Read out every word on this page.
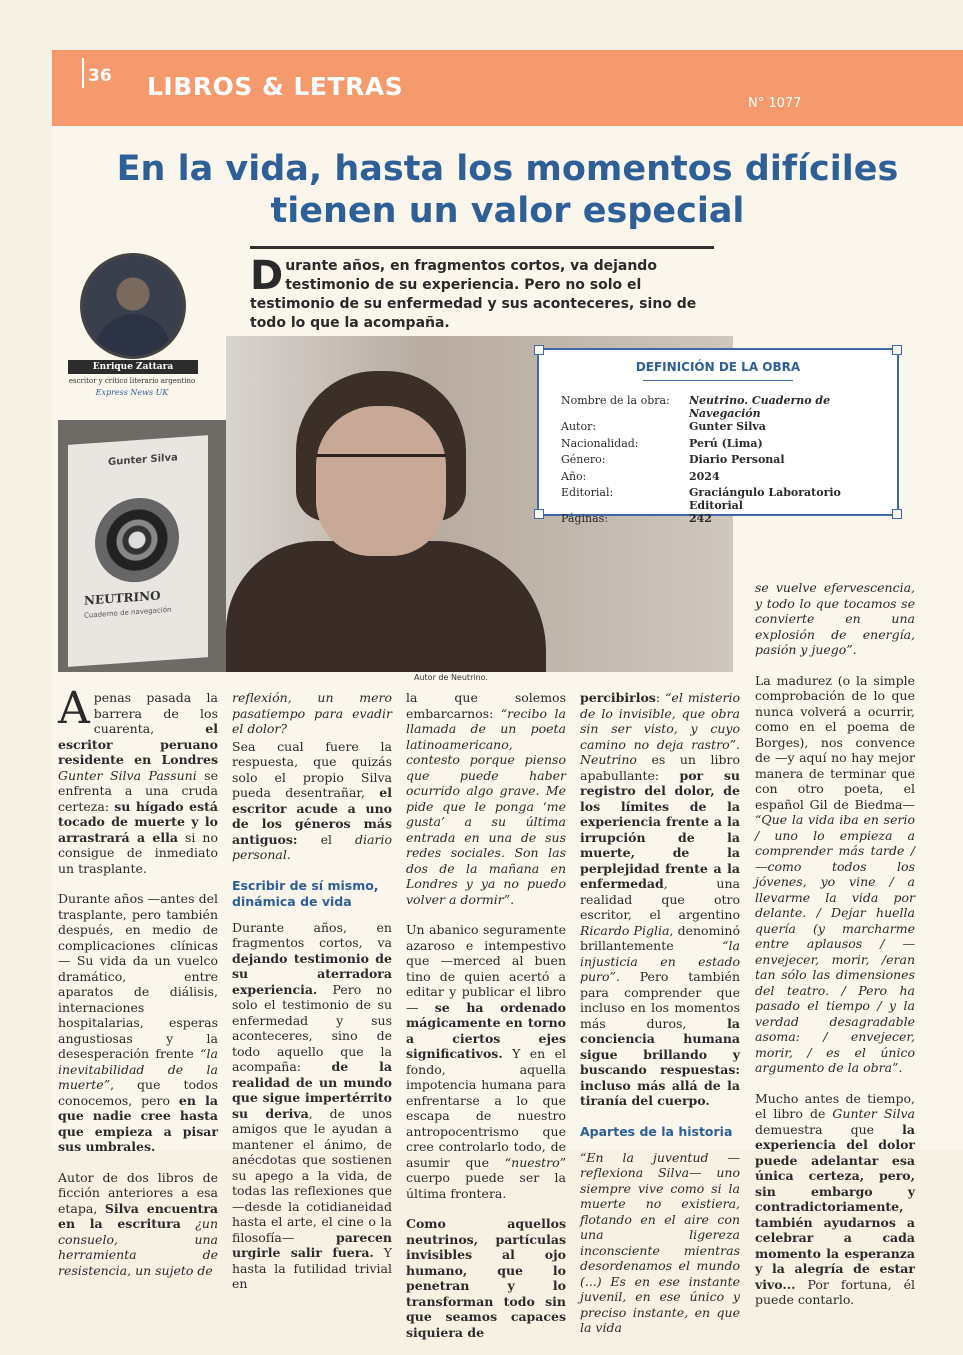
36 LIBROS & LETRAS
N° 1077
En la vida, hasta los momentos difíciles
tienen un valor especial
Enrique Zattara
escritor y crítico literario argentino
Express News UK
Durante años, en fragmentos cortos, va dejando testimonio de su experiencia. Pero no solo el testimonio de su enfermedad y sus aconteceres, sino de todo lo que la acompaña.
Gunter Silva
NEUTRINO
Cuaderno de navegación
Autor de Neutrino.
DEFINICIÓN DE LA OBRA
Nombre de la obra:	Neutrino. Cuaderno de Navegación
Autor:	Gunter Silva
Nacionalidad:	Perú (Lima)
Género:	Diario Personal
Año:	2024
Editorial:	Graciángulo Laboratorio Editorial
Páginas:	242

Apenas pasada la barrera de los cuarenta, el escritor peruano residente en Londres Gunter Silva Passuni se enfrenta a una cruda certeza: su hígado está tocado de muerte y lo arrastrará a ella si no consigue de inmediato un trasplante.

Durante años —antes del trasplante, pero también después, en medio de complicaciones clínicas— Su vida da un vuelco dramático, entre aparatos de diálisis, internaciones hospitalarias, esperas angustiosas y la desesperación frente “la inevitabilidad de la muerte”, que todos conocemos, pero en la que nadie cree hasta que empieza a pisar sus umbrales.

Autor de dos libros de ficción anteriores a esa etapa, Silva encuentra en la escritura ¿un consuelo, una herramienta de resistencia, un sujeto de

reflexión, un mero pasatiempo para evadir el dolor?

Sea cual fuere la respuesta, que quizás solo el propio Silva pueda desentrañar, el escritor acude a uno de los géneros más antiguos: el diario personal.

Escribir de sí mismo, dinámica de vida

Durante años, en fragmentos cortos, va dejando testimonio de su aterradora experiencia. Pero no solo el testimonio de su enfermedad y sus aconteceres, sino de todo aquello que la acompaña: de la realidad de un mundo que sigue impertérrito su deriva, de unos amigos que le ayudan a mantener el ánimo, de anécdotas que sostienen su apego a la vida, de todas las reflexiones que —desde la cotidianeidad hasta el arte, el cine o la filosofía— parecen urgirle salir fuera. Y hasta la futilidad trivial en

la que solemos embarcarnos: “recibo la llamada de un poeta latinoamericano, contesto porque pienso que puede haber ocurrido algo grave. Me pide que le ponga ‘me gusta’ a su última entrada en una de sus redes sociales. Son las dos de la mañana en Londres y ya no puedo volver a dormir”.

Un abanico seguramente azaroso e intempestivo que —merced al buen tino de quien acertó a editar y publicar el libro— se ha ordenado mágicamente en torno a ciertos ejes significativos. Y en el fondo, aquella impotencia humana para enfrentarse a lo que escapa de nuestro antropocentrismo que cree controlarlo todo, de asumir que “nuestro” cuerpo puede ser la última frontera.

Como aquellos neutrinos, partículas invisibles al ojo humano, que lo penetran y lo transforman todo sin que seamos capaces siquiera de

percibirlos: “el misterio de lo invisible, que obra sin ser visto, y cuyo camino no deja rastro”. Neutrino es un libro apabullante: por su registro del dolor, de los límites de la experiencia frente a la irrupción de la muerte, de la perplejidad frente a la enfermedad, una realidad que otro escritor, el argentino Ricardo Piglia, denominó brillantemente “la injusticia en estado puro”. Pero también para comprender que incluso en los momentos más duros, la conciencia humana sigue brillando y buscando respuestas: incluso más allá de la tiranía del cuerpo.

Apartes de la historia

“En la juventud —reflexiona Silva— uno siempre vive como si la muerte no existiera, flotando en el aire con una ligereza inconsciente mientras desordenamos el mundo (...) Es en ese instante juvenil, en ese único y preciso instante, en que la vida

se vuelve efervescencia, y todo lo que tocamos se convierte en una explosión de energía, pasión y juego”.

La madurez (o la simple comprobación de lo que nunca volverá a ocurrir, como en el poema de Borges), nos convence de —y aquí no hay mejor manera de terminar que con otro poeta, el español Gil de Biedma— “Que la vida iba en serio / uno lo empieza a comprender más tarde / —como todos los jóvenes, yo vine / a llevarme la vida por delante. / Dejar huella quería (y marcharme entre aplausos / —envejecer, morir, /eran tan sólo las dimensiones del teatro. / Pero ha pasado el tiempo / y la verdad desagradable asoma: / envejecer, morir, / es el único argumento de la obra”.

Mucho antes de tiempo, el libro de Gunter Silva demuestra que la experiencia del dolor puede adelantar esa única certeza, pero, sin embargo y contradictoriamente, también ayudarnos a celebrar a cada momento la esperanza y la alegría de estar vivo... Por fortuna, él puede contarlo.
